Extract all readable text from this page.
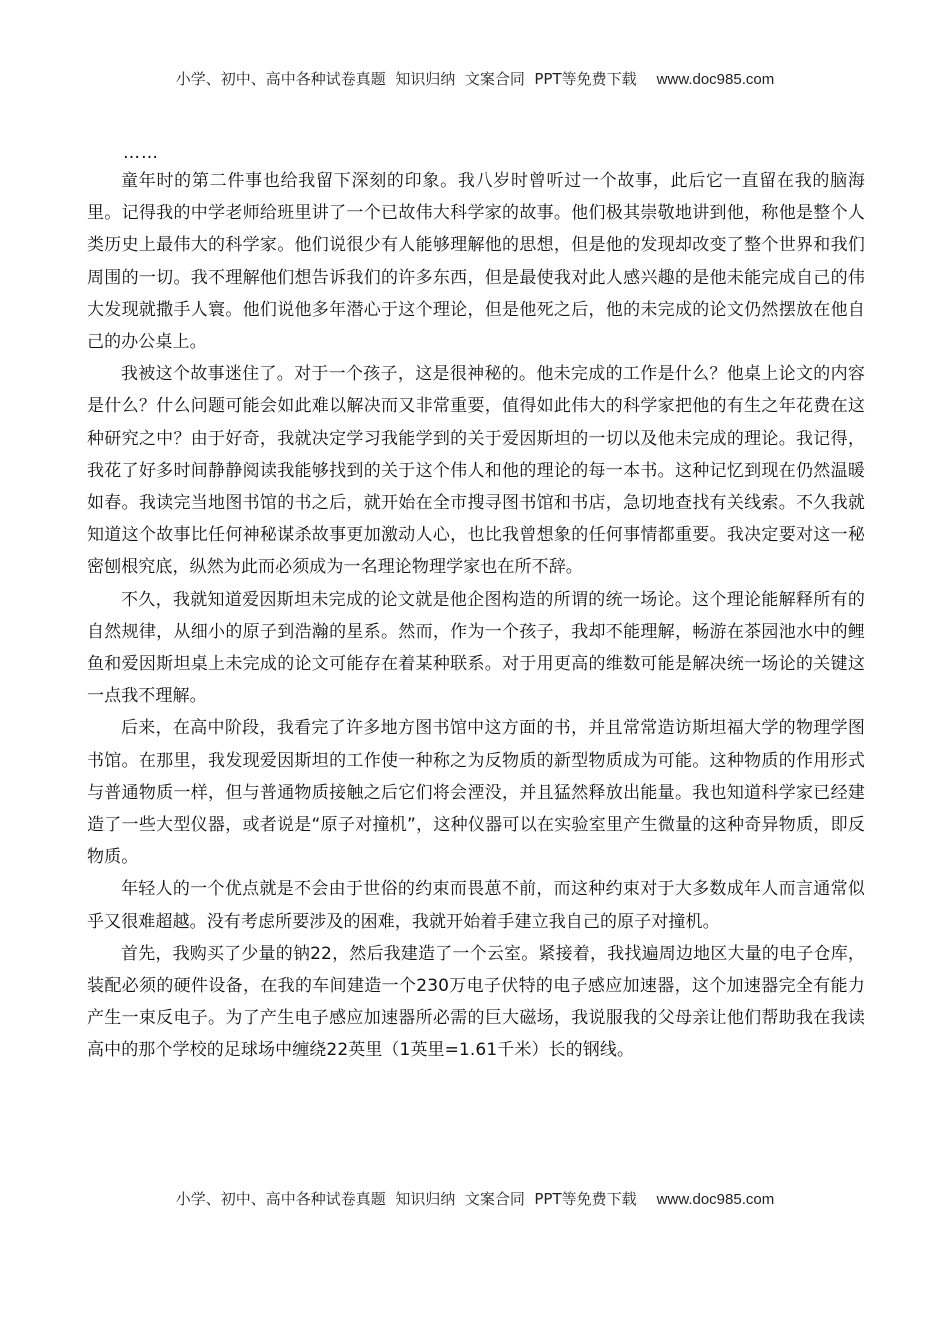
小学、初中、高中各种试卷真题  知识归纳  文案合同  PPT等免费下载 www.doc985.com

……

童年时的第二件事也给我留下深刻的印象。我八岁时曾听过一个故事，此后它一直留在我的脑海里。记得我的中学老师给班里讲了一个已故伟大科学家的故事。他们极其崇敬地讲到他，称他是整个人类历史上最伟大的科学家。他们说很少有人能够理解他的思想，但是他的发现却改变了整个世界和我们周围的一切。我不理解他们想告诉我们的许多东西，但是最使我对此人感兴趣的是他未能完成自己的伟大发现就撒手人寰。他们说他多年潜心于这个理论，但是他死之后，他的未完成的论文仍然摆放在他自己的办公桌上。

我被这个故事迷住了。对于一个孩子，这是很神秘的。他未完成的工作是什么？他桌上论文的内容是什么？什么问题可能会如此难以解决而又非常重要，值得如此伟大的科学家把他的有生之年花费在这种研究之中？由于好奇，我就决定学习我能学到的关于爱因斯坦的一切以及他未完成的理论。我记得，我花了好多时间静静阅读我能够找到的关于这个伟人和他的理论的每一本书。这种记忆到现在仍然温暖如春。我读完当地图书馆的书之后，就开始在全市搜寻图书馆和书店，急切地查找有关线索。不久我就知道这个故事比任何神秘谋杀故事更加激动人心，也比我曾想象的任何事情都重要。我决定要对这一秘密刨根究底，纵然为此而必须成为一名理论物理学家也在所不辞。

不久，我就知道爱因斯坦未完成的论文就是他企图构造的所谓的统一场论。这个理论能解释所有的自然规律，从细小的原子到浩瀚的星系。然而，作为一个孩子，我却不能理解，畅游在茶园池水中的鲤鱼和爱因斯坦桌上未完成的论文可能存在着某种联系。对于用更高的维数可能是解决统一场论的关键这一点我不理解。

后来，在高中阶段，我看完了许多地方图书馆中这方面的书，并且常常造访斯坦福大学的物理学图书馆。在那里，我发现爱因斯坦的工作使一种称之为反物质的新型物质成为可能。这种物质的作用形式与普通物质一样，但与普通物质接触之后它们将会湮没，并且猛然释放出能量。我也知道科学家已经建造了一些大型仪器，或者说是“原子对撞机”，这种仪器可以在实验室里产生微量的这种奇异物质，即反物质。

年轻人的一个优点就是不会由于世俗的约束而畏葸不前，而这种约束对于大多数成年人而言通常似乎又很难超越。没有考虑所要涉及的困难，我就开始着手建立我自己的原子对撞机。

首先，我购买了少量的钠22，然后我建造了一个云室。紧接着，我找遍周边地区大量的电子仓库，装配必须的硬件设备，在我的车间建造一个230万电子伏特的电子感应加速器，这个加速器完全有能力产生一束反电子。为了产生电子感应加速器所必需的巨大磁场，我说服我的父母亲让他们帮助我在我读高中的那个学校的足球场中缠绕22英里（1英里=1.61千米）长的钢线。

小学、初中、高中各种试卷真题  知识归纳  文案合同  PPT等免费下载 www.doc985.com
